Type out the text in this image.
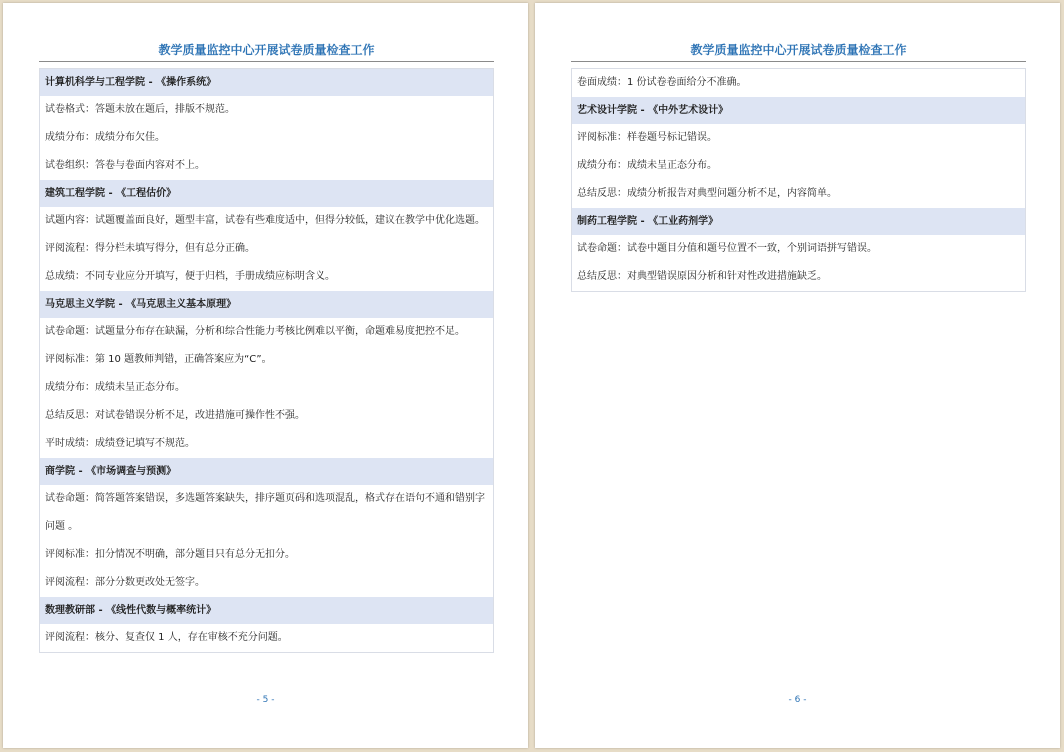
教学质量监控中心开展试卷质量检查工作
计算机科学与工程学院 - 《操作系统》
试卷格式：答题未放在题后，排版不规范。
成绩分布：成绩分布欠佳。
试卷组织：答卷与卷面内容对不上。
建筑工程学院 - 《工程估价》
试题内容：试题覆盖面良好，题型丰富，试卷有些难度适中，但得分较低，建议在教学中优化选题。
评阅流程：得分栏未填写得分，但有总分正确。
总成绩：不同专业应分开填写，便于归档，手册成绩应标明含义。
马克思主义学院 - 《马克思主义基本原理》
试卷命题：试题量分布存在缺漏，分析和综合性能力考核比例难以平衡，命题难易度把控不足。
评阅标准：第 10 题教师判错，正确答案应为“C”。
成绩分布：成绩未呈正态分布。
总结反思：对试卷错误分析不足，改进措施可操作性不强。
平时成绩：成绩登记填写不规范。
商学院 - 《市场调查与预测》
试卷命题：简答题答案错误，多选题答案缺失，排序题页码和选项混乱，格式存在语句不通和错别字问题 。
评阅标准：扣分情况不明确，部分题目只有总分无扣分。
评阅流程：部分分数更改处无签字。
数理教研部 - 《线性代数与概率统计》
评阅流程：核分、复查仅 1 人，存在审核不充分问题。
- 5 -
教学质量监控中心开展试卷质量检查工作
卷面成绩：1 份试卷卷面给分不准确。
艺术设计学院 - 《中外艺术设计》
评阅标准：样卷题号标记错误。
成绩分布：成绩未呈正态分布。
总结反思：成绩分析报告对典型问题分析不足，内容简单。
制药工程学院 - 《工业药剂学》
试卷命题：试卷中题目分值和题号位置不一致，个别词语拼写错误。
总结反思：对典型错误原因分析和针对性改进措施缺乏。
- 6 -
